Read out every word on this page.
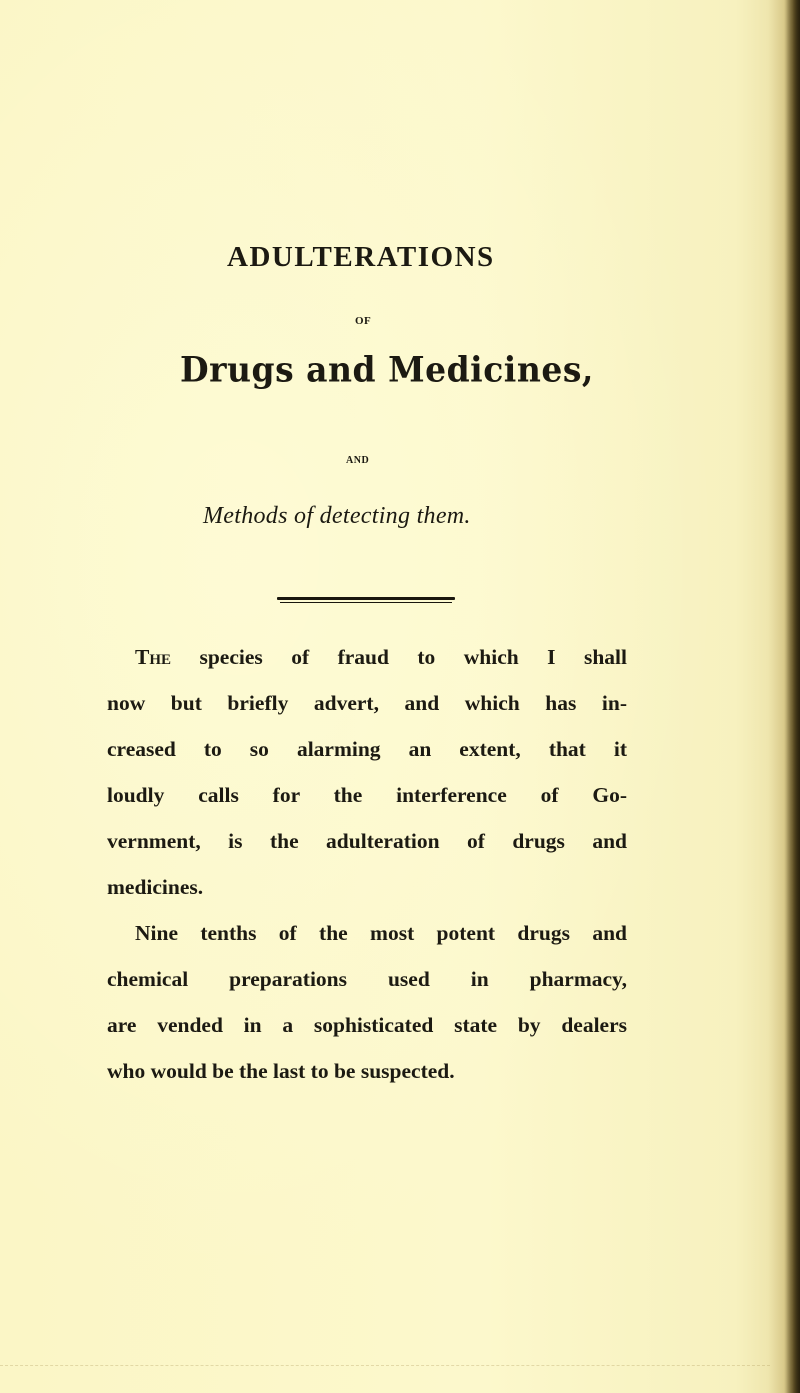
ADULTERATIONS
OF
Drugs and Medicines,
AND
Methods of detecting them.

The species of fraud to which I shall
now but briefly advert, and which has in-
creased to so alarming an extent, that it
loudly calls for the interference of Go-
vernment, is the adulteration of drugs and
medicines.

Nine tenths of the most potent drugs and
chemical preparations used in pharmacy,
are vended in a sophisticated state by dealers
who would be the last to be suspected.
